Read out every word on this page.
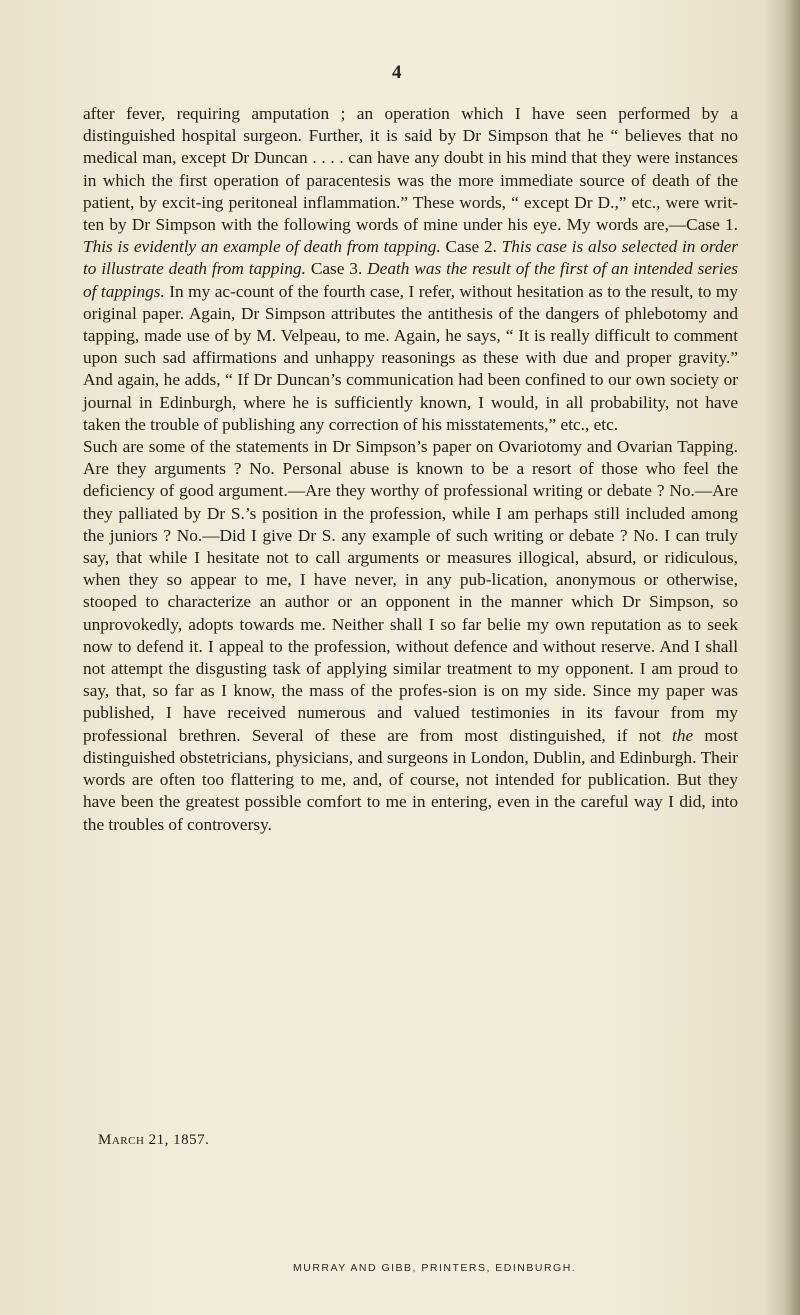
4

after fever, requiring amputation ; an operation which I have seen performed by a distinguished hospital surgeon. Further, it is said by Dr Simpson that he “ believes that no medical man, except Dr Duncan . . . . can have any doubt in his mind that they were instances in which the first operation of paracentesis was the more immediate source of death of the patient, by excit-ing peritoneal inflammation.” These words, “ except Dr D.,” etc., were writ-ten by Dr Simpson with the following words of mine under his eye. My words are,—Case 1. This is evidently an example of death from tapping. Case 2. This case is also selected in order to illustrate death from tapping. Case 3. Death was the result of the first of an intended series of tappings. In my ac-count of the fourth case, I refer, without hesitation as to the result, to my original paper. Again, Dr Simpson attributes the antithesis of the dangers of phlebotomy and tapping, made use of by M. Velpeau, to me. Again, he says, “ It is really difficult to comment upon such sad affirmations and unhappy reasonings as these with due and proper gravity.” And again, he adds, “ If Dr Duncan’s communication had been confined to our own society or journal in Edinburgh, where he is sufficiently known, I would, in all probability, not have taken the trouble of publishing any correction of his misstatements,” etc., etc.

Such are some of the statements in Dr Simpson’s paper on Ovariotomy and Ovarian Tapping. Are they arguments ? No. Personal abuse is known to be a resort of those who feel the deficiency of good argument.—Are they worthy of professional writing or debate ? No.—Are they palliated by Dr S.’s position in the profession, while I am perhaps still included among the juniors ? No.—Did I give Dr S. any example of such writing or debate ? No. I can truly say, that while I hesitate not to call arguments or measures illogical, absurd, or ridiculous, when they so appear to me, I have never, in any pub-lication, anonymous or otherwise, stooped to characterize an author or an opponent in the manner which Dr Simpson, so unprovokedly, adopts towards me. Neither shall I so far belie my own reputation as to seek now to defend it. I appeal to the profession, without defence and without reserve. And I shall not attempt the disgusting task of applying similar treatment to my opponent. I am proud to say, that, so far as I know, the mass of the profes-sion is on my side. Since my paper was published, I have received numerous and valued testimonies in its favour from my professional brethren. Several of these are from most distinguished, if not the most distinguished obstetricians, physicians, and surgeons in London, Dublin, and Edinburgh. Their words are often too flattering to me, and, of course, not intended for publication. But they have been the greatest possible comfort to me in entering, even in the careful way I did, into the troubles of controversy.

March 21, 1857.
MURRAY AND GIBB, PRINTERS, EDINBURGH.
